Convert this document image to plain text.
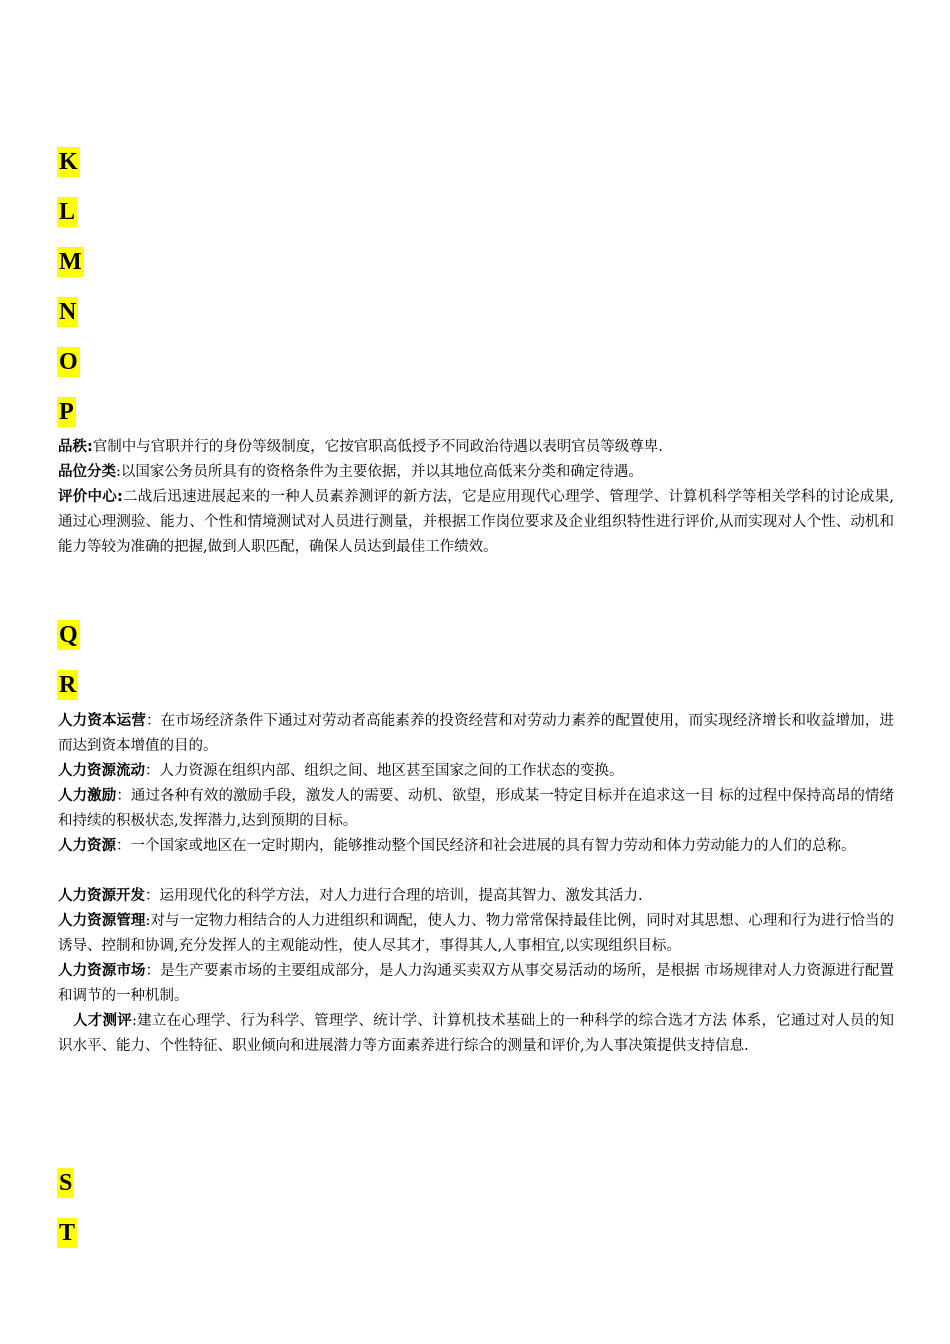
K
L
M
N
O
P
品秩:官制中与官职并行的身份等级制度，它按官职高低授予不同政治待遇以表明官员等级尊卑.
品位分类:以国家公务员所具有的资格条件为主要依据，并以其地位高低来分类和确定待遇。
评价中心:二战后迅速进展起来的一种人员素养测评的新方法，它是应用现代心理学、管理学、计算机科学等相关学科的讨论成果,通过心理测验、能力、个性和情境测试对人员进行测量，并根据工作岗位要求及企业组织特性进行评价,从而实现对人个性、动机和能力等较为准确的把握,做到人职匹配，确保人员达到最佳工作绩效。
Q
R
人力资本运营：在市场经济条件下通过对劳动者高能素养的投资经营和对劳动力素养的配置使用，而实现经济增长和收益增加，进而达到资本增值的目的。
人力资源流动：人力资源在组织内部、组织之间、地区甚至国家之间的工作状态的变换。
人力激励：通过各种有效的激励手段，激发人的需要、动机、欲望，形成某一特定目标并在追求这一目 标的过程中保持高昂的情绪和持续的积极状态,发挥潜力,达到预期的目标。
人力资源：一个国家或地区在一定时期内，能够推动整个国民经济和社会进展的具有智力劳动和体力劳动能力的人们的总称。
人力资源开发：运用现代化的科学方法，对人力进行合理的培训，提高其智力、激发其活力.
人力资源管理:对与一定物力相结合的人力进组织和调配，使人力、物力常常保持最佳比例，同时对其思想、心理和行为进行恰当的诱导、控制和协调,充分发挥人的主观能动性，使人尽其才，事得其人,人事相宜,以实现组织目标。
人力资源市场：是生产要素市场的主要组成部分，是人力沟通买卖双方从事交易活动的场所，是根据 市场规律对人力资源进行配置和调节的一种机制。
人才测评:建立在心理学、行为科学、管理学、统计学、计算机技术基础上的一种科学的综合选才方法 体系，它通过对人员的知识水平、能力、个性特征、职业倾向和进展潜力等方面素养进行综合的测量和评价,为人事决策提供支持信息.
S
T
